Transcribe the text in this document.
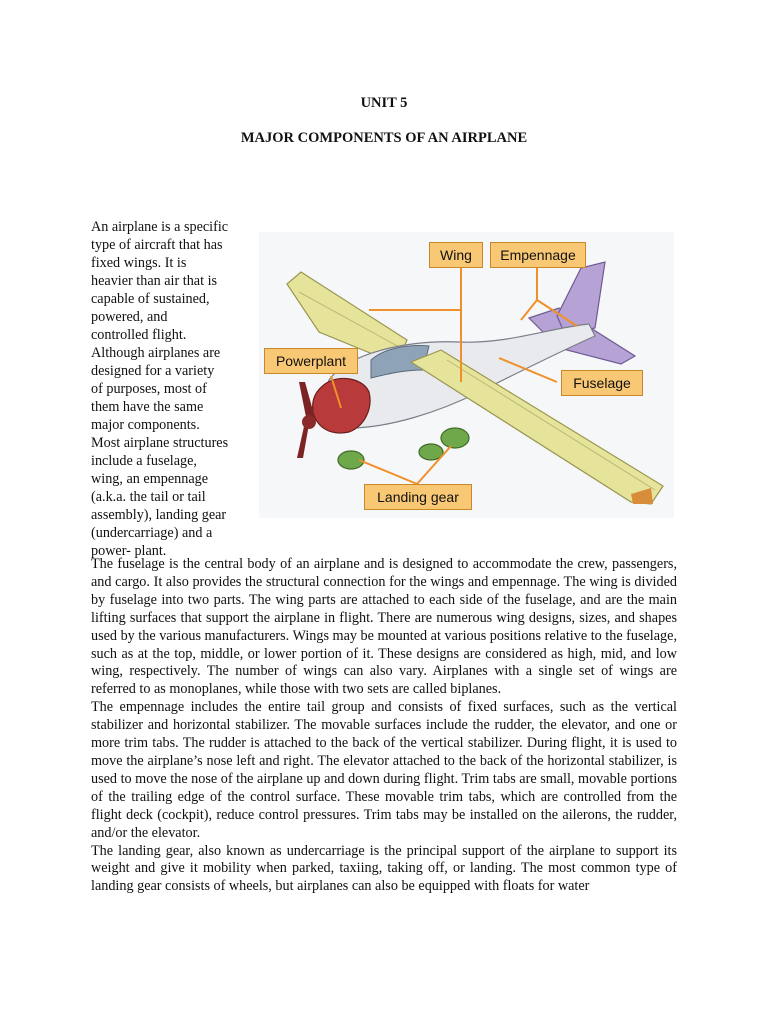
UNIT 5
MAJOR COMPONENTS OF AN AIRPLANE
An airplane is a specific
type of aircraft that has
fixed wings. It is
heavier than air that is
capable of sustained,
powered, and
controlled flight.
Although airplanes are
designed for a variety
of purposes, most of
them have the same
major components.
Most airplane structures
include a fuselage,
wing, an empennage
(a.k.a. the tail or tail
assembly), landing gear
(undercarriage) and a
power- plant.
Wing	Empennage
Powerplant
Fuselage
Landing gear

The fuselage is the central body of an airplane and is designed to accommodate the crew, passengers, and cargo. It also provides the structural connection for the wings and empennage. The wing is divided by fuselage into two parts. The wing parts are attached to each side of the fuselage, and are the main lifting surfaces that support the airplane in flight. There are numerous wing designs, sizes, and shapes used by the various manufacturers. Wings may be mounted at various positions relative to the fuselage, such as at the top, middle, or lower portion of it. These designs are considered as high, mid, and low wing, respectively. The number of wings can also vary. Airplanes with a single set of wings are referred to as monoplanes, while those with two sets are called biplanes.

The empennage includes the entire tail group and consists of fixed surfaces, such as the vertical stabilizer and horizontal stabilizer. The movable surfaces include the rudder, the elevator, and one or more trim tabs. The rudder is attached to the back of the vertical stabilizer. During flight, it is used to move the airplane’s nose left and right. The elevator attached to the back of the horizontal stabilizer, is used to move the nose of the airplane up and down during flight. Trim tabs are small, movable portions of the trailing edge of the control surface. These movable trim tabs, which are controlled from the flight deck (cockpit), reduce control pressures. Trim tabs may be installed on the ailerons, the rudder, and/or the elevator.

The landing gear, also known as undercarriage is the principal support of the airplane to support its weight and give it mobility when parked, taxiing, taking off, or landing. The most common type of landing gear consists of wheels, but airplanes can also be equipped with floats for water
